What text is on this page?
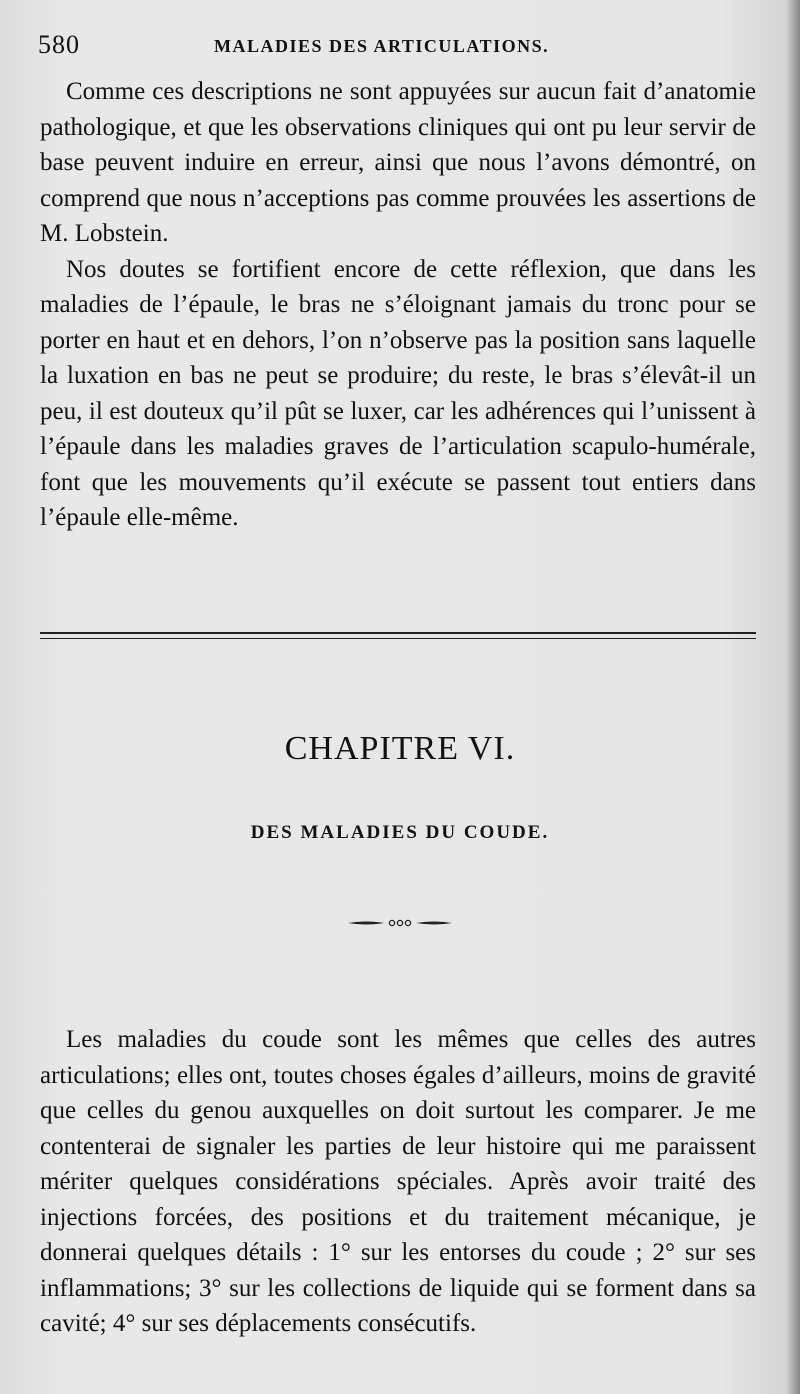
580	MALADIES DES ARTICULATIONS.

Comme ces descriptions ne sont appuyées sur aucun fait d’anatomie pathologique, et que les observations cliniques qui ont pu leur servir de base peuvent induire en erreur, ainsi que nous l’avons démontré, on comprend que nous n’acceptions pas comme prouvées les assertions de M. Lobstein.

Nos doutes se fortifient encore de cette réflexion, que dans les maladies de l’épaule, le bras ne s’éloignant jamais du tronc pour se porter en haut et en dehors, l’on n’observe pas la position sans laquelle la luxation en bas ne peut se produire; du reste, le bras s’élevât-il un peu, il est douteux qu’il pût se luxer, car les adhérences qui l’unissent à l’épaule dans les maladies graves de l’articulation scapulo-humérale, font que les mouvements qu’il exécute se passent tout entiers dans l’épaule elle-même.

CHAPITRE VI.
DES MALADIES DU COUDE.

Les maladies du coude sont les mêmes que celles des autres articulations; elles ont, toutes choses égales d’ailleurs, moins de gravité que celles du genou auxquelles on doit surtout les comparer. Je me contenterai de signaler les parties de leur histoire qui me paraissent mériter quelques considérations spéciales. Après avoir traité des injections forcées, des positions et du traitement mécanique, je donnerai quelques détails : 1° sur les entorses du coude ; 2° sur ses inflammations; 3° sur les collections de liquide qui se forment dans sa cavité; 4° sur ses déplacements consécutifs.
